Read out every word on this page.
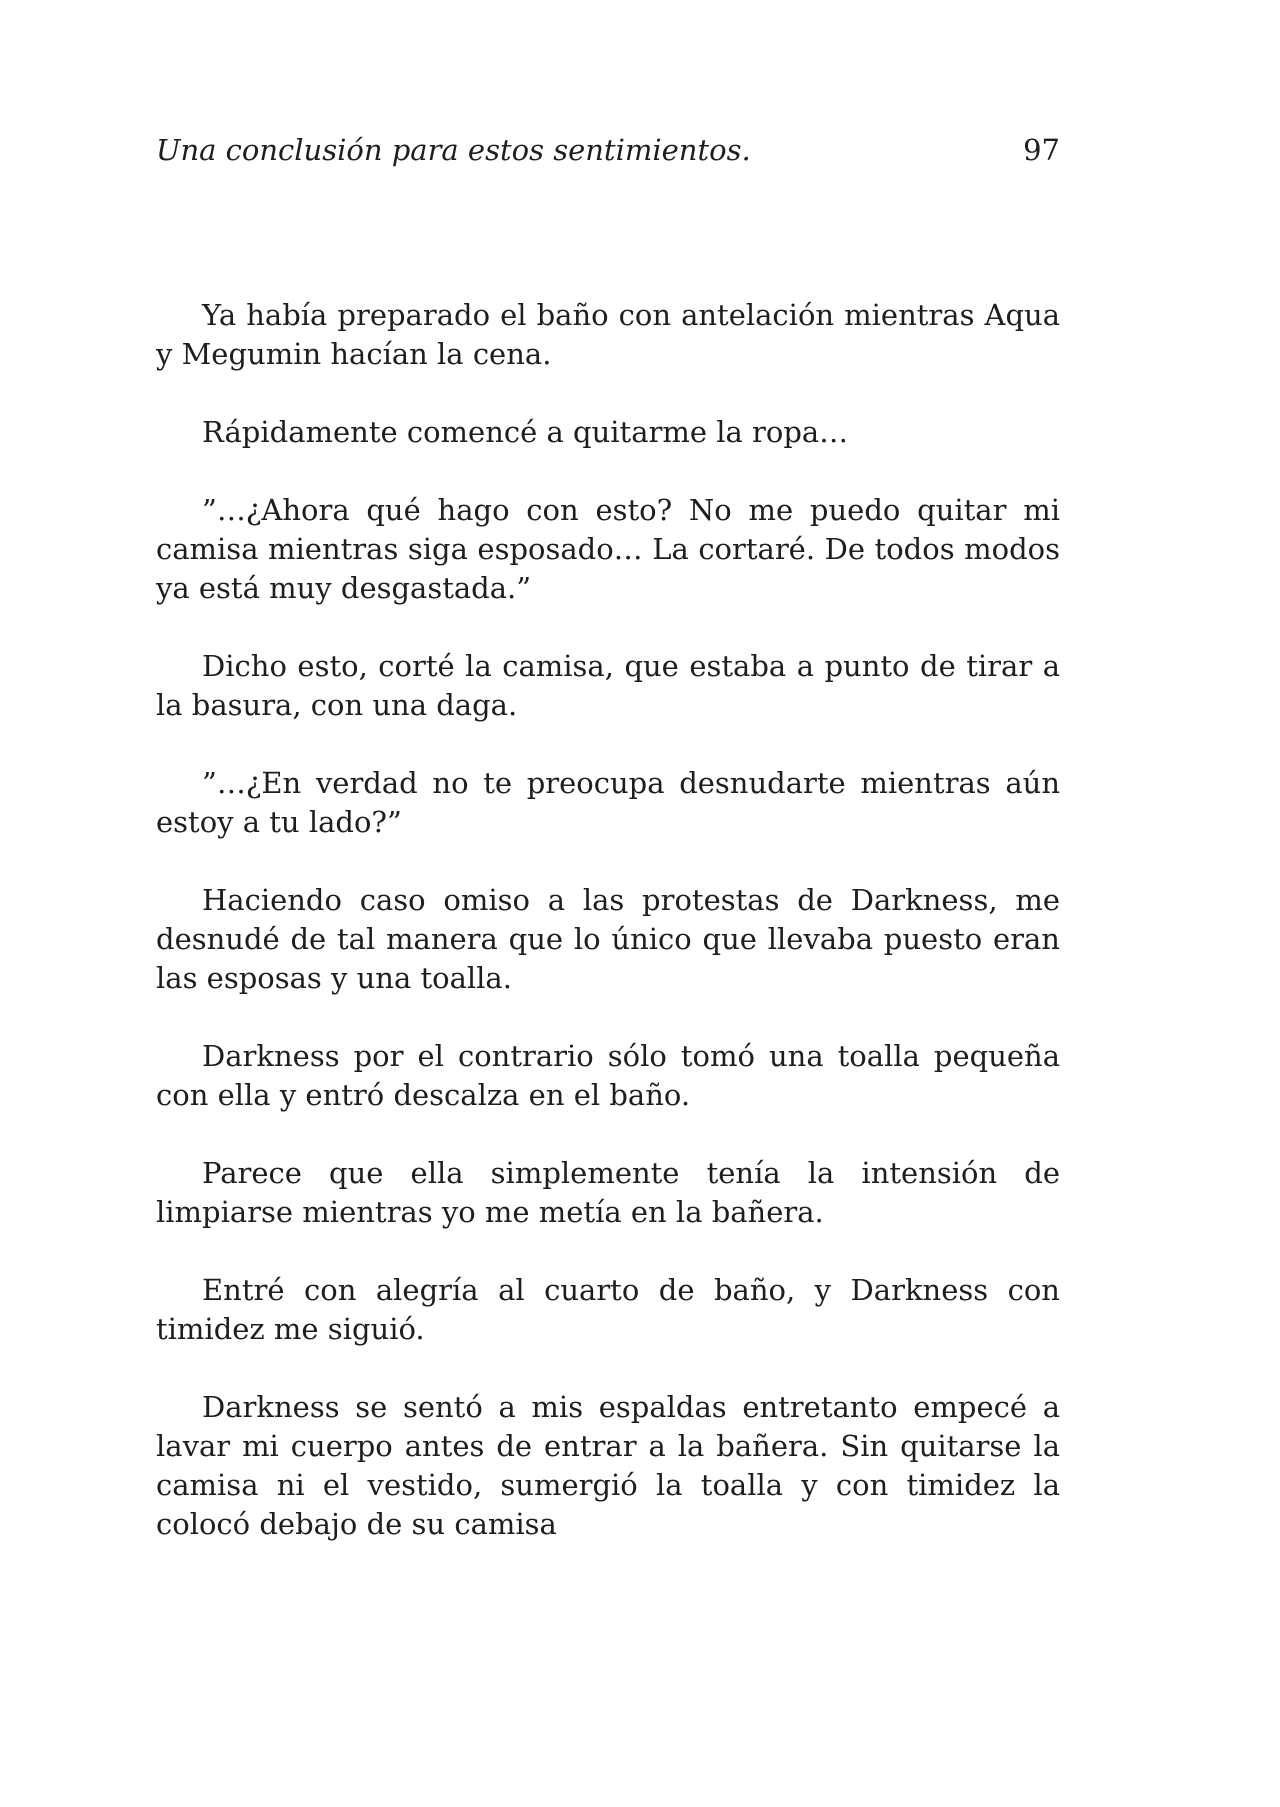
Una conclusión para estos sentimientos.	97

Ya había preparado el baño con antelación mientras Aqua y Megumin hacían la cena.

Rápidamente comencé a quitarme la ropa…

”…¿Ahora qué hago con esto? No me puedo quitar mi camisa mientras siga esposado… La cortaré. De todos modos ya está muy desgastada.”

Dicho esto, corté la camisa, que estaba a punto de tirar a la basura, con una daga.

”…¿En verdad no te preocupa desnudarte mientras aún estoy a tu lado?”

Haciendo caso omiso a las protestas de Darkness, me desnudé de tal manera que lo único que llevaba puesto eran las esposas y una toalla.

Darkness por el contrario sólo tomó una toalla pequeña con ella y entró descalza en el baño.

Parece que ella simplemente tenía la intensión de limpiarse mientras yo me metía en la bañera.

Entré con alegría al cuarto de baño, y Darkness con timidez me siguió.

Darkness se sentó a mis espaldas entretanto empecé a lavar mi cuerpo antes de entrar a la bañera. Sin quitarse la camisa ni el vestido, sumergió la toalla y con timidez la colocó debajo de su camisa
